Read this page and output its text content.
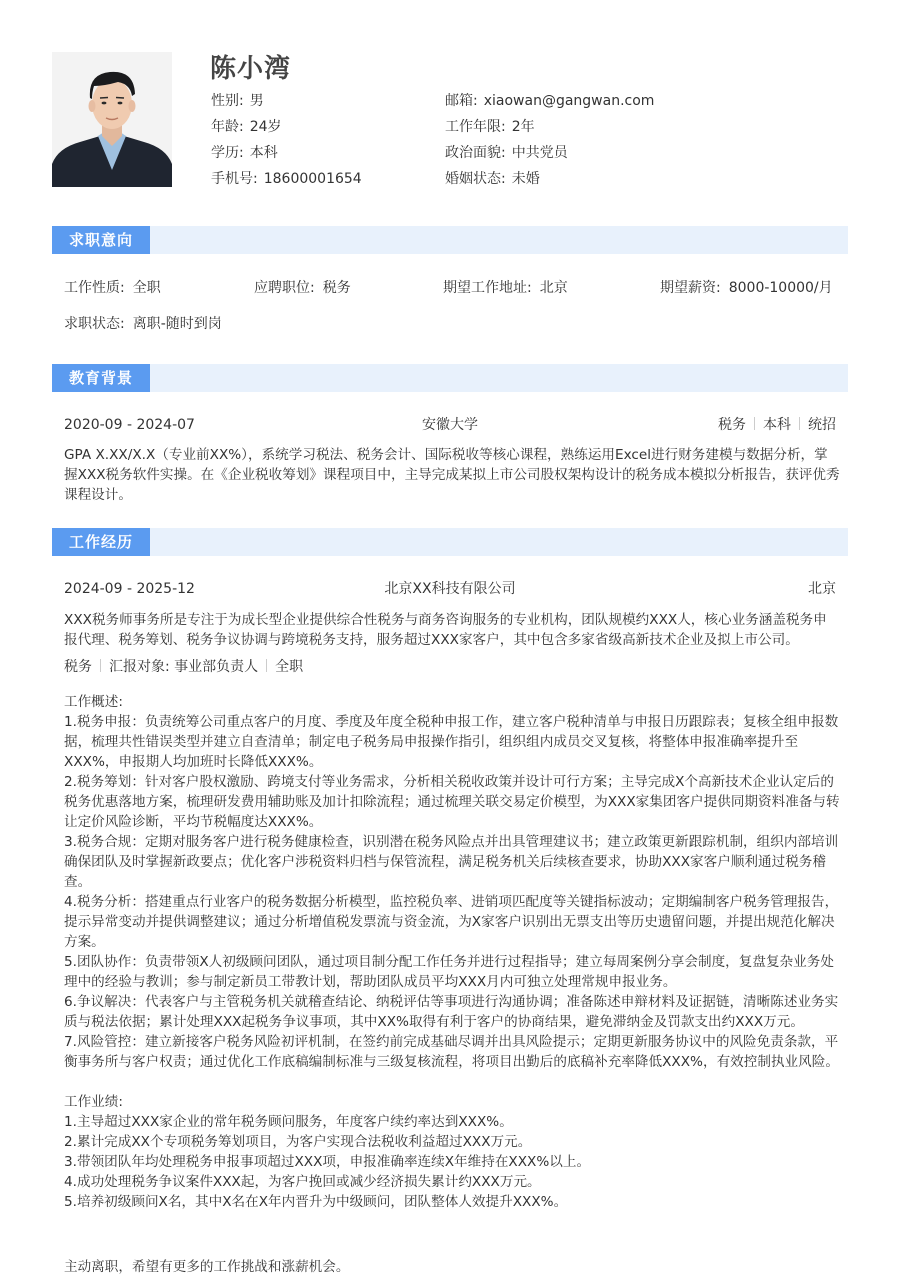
陈小湾
性别: 男	邮箱: xiaowan@gangwan.com
年龄: 24岁	工作年限: 2年
学历: 本科	政治面貌: 中共党员
手机号: 18600001654	婚姻状态: 未婚
求职意向
工作性质: 全职	应聘职位: 税务	期望工作地址: 北京	期望薪资: 8000-10000/月
求职状态: 离职-随时到岗
教育背景
2020-09 - 2024-07	安徽大学	税务 本科 统招
GPA X.XX/X.X（专业前XX%），系统学习税法、税务会计、国际税收等核心课程，熟练运用Excel进行财务建模与数据分析，掌握XXX税务软件实操。在《企业税收筹划》课程项目中，主导完成某拟上市公司股权架构设计的税务成本模拟分析报告，获评优秀课程设计。
工作经历
2024-09 - 2025-12	北京XX科技有限公司	北京
XXX税务师事务所是专注于为成长型企业提供综合性税务与商务咨询服务的专业机构，团队规模约XXX人，核心业务涵盖税务申报代理、税务筹划、税务争议协调与跨境税务支持，服务超过XXX家客户，其中包含多家省级高新技术企业及拟上市公司。
税务 汇报对象: 事业部负责人 全职

工作概述:

1.税务申报：负责统筹公司重点客户的月度、季度及年度全税种申报工作，建立客户税种清单与申报日历跟踪表；复核全组申报数据，梳理共性错误类型并建立自查清单；制定电子税务局申报操作指引，组织组内成员交叉复核，将整体申报准确率提升至XXX%，申报期人均加班时长降低XXX%。

2.税务筹划：针对客户股权激励、跨境支付等业务需求，分析相关税收政策并设计可行方案；主导完成X个高新技术企业认定后的税务优惠落地方案，梳理研发费用辅助账及加计扣除流程；通过梳理关联交易定价模型，为XXX家集团客户提供同期资料准备与转让定价风险诊断，平均节税幅度达XXX%。

3.税务合规：定期对服务客户进行税务健康检查，识别潜在税务风险点并出具管理建议书；建立政策更新跟踪机制，组织内部培训确保团队及时掌握新政要点；优化客户涉税资料归档与保管流程，满足税务机关后续核查要求，协助XXX家客户顺利通过税务稽查。

4.税务分析：搭建重点行业客户的税务数据分析模型，监控税负率、进销项匹配度等关键指标波动；定期编制客户税务管理报告，提示异常变动并提供调整建议；通过分析增值税发票流与资金流，为X家客户识别出无票支出等历史遗留问题，并提出规范化解决方案。

5.团队协作：负责带领X人初级顾问团队，通过项目制分配工作任务并进行过程指导；建立每周案例分享会制度，复盘复杂业务处理中的经验与教训；参与制定新员工带教计划，帮助团队成员平均XXX月内可独立处理常规申报业务。

6.争议解决：代表客户与主管税务机关就稽查结论、纳税评估等事项进行沟通协调；准备陈述申辩材料及证据链，清晰陈述业务实质与税法依据；累计处理XXX起税务争议事项，其中XX%取得有利于客户的协商结果，避免滞纳金及罚款支出约XXX万元。

7.风险管控：建立新接客户税务风险初评机制，在签约前完成基础尽调并出具风险提示；定期更新服务协议中的风险免责条款，平衡事务所与客户权责；通过优化工作底稿编制标准与三级复核流程，将项目出勤后的底稿补充率降低XXX%，有效控制执业风险。

工作业绩:

1.主导超过XXX家企业的常年税务顾问服务，年度客户续约率达到XXX%。

2.累计完成XX个专项税务筹划项目，为客户实现合法税收利益超过XXX万元。

3.带领团队年均处理税务申报事项超过XXX项，申报准确率连续X年维持在XXX%以上。

4.成功处理税务争议案件XXX起，为客户挽回或减少经济损失累计约XXX万元。

5.培养初级顾问X名，其中X名在X年内晋升为中级顾问，团队整体人效提升XXX%。

主动离职，希望有更多的工作挑战和涨薪机会。
